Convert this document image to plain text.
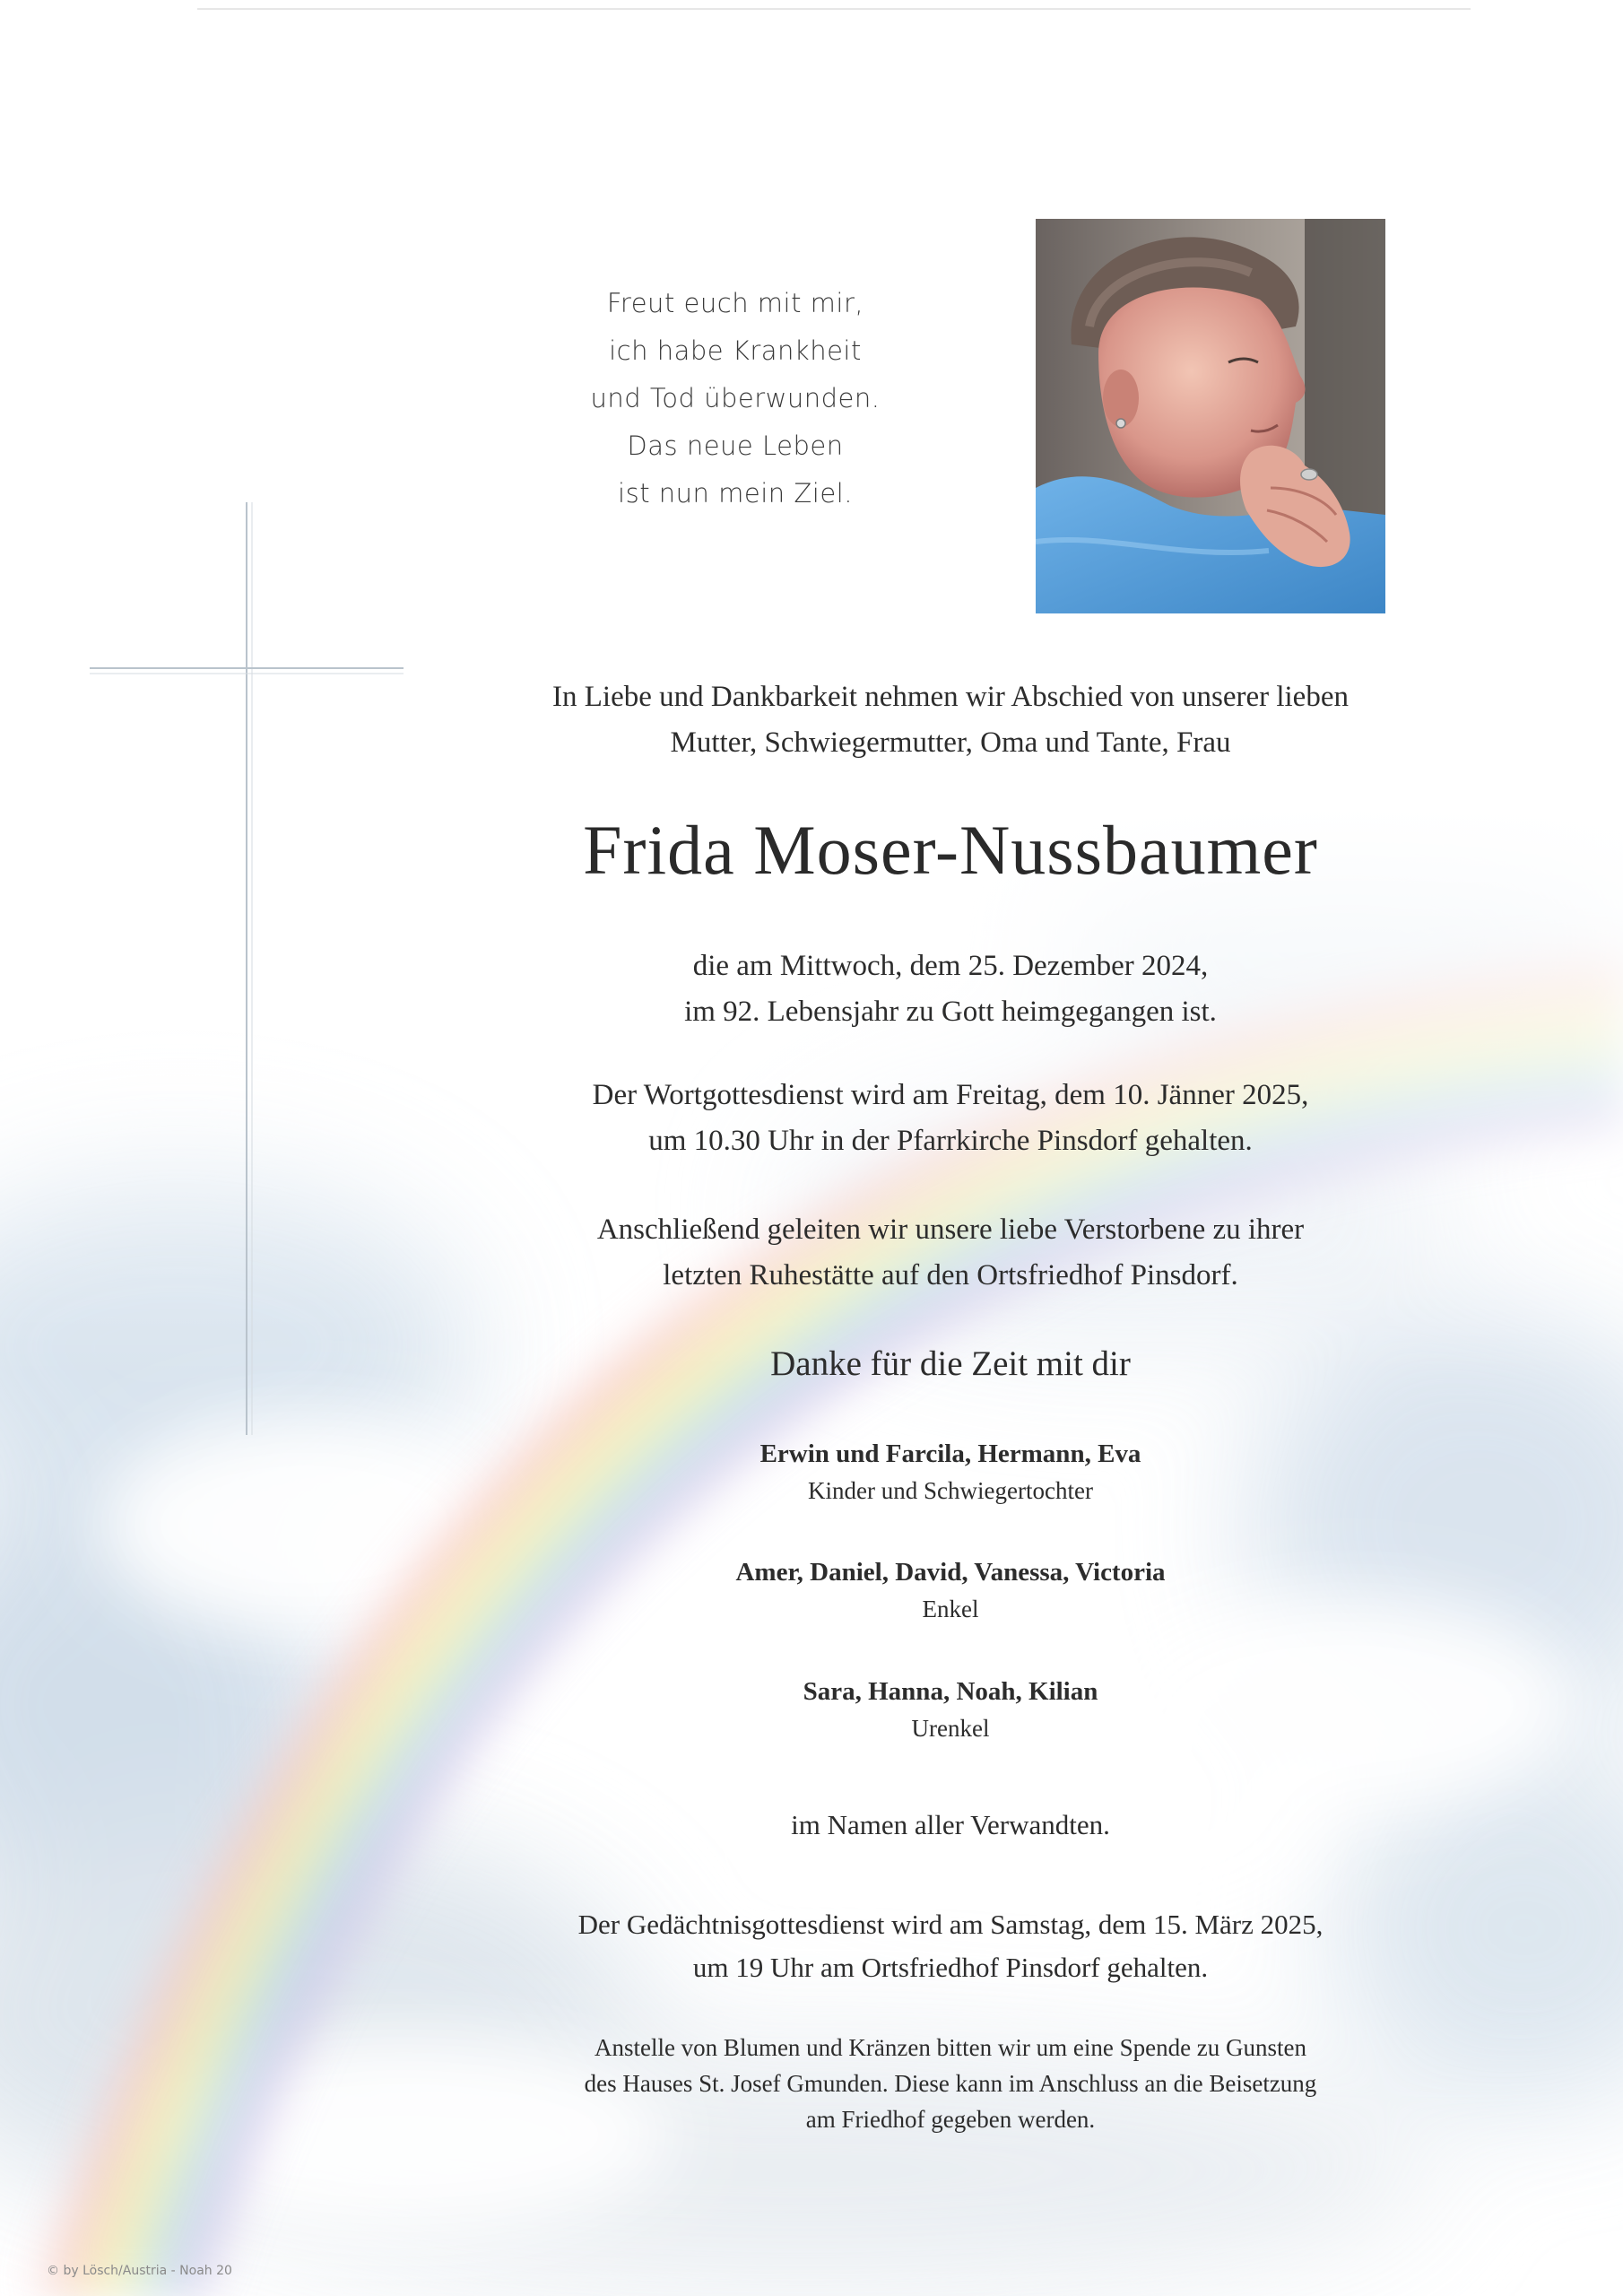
Freut euch mit mir,
ich habe Krankheit
und Tod überwunden.
Das neue Leben
ist nun mein Ziel.
In Liebe und Dankbarkeit nehmen wir Abschied von unserer lieben
Mutter, Schwiegermutter, Oma und Tante, Frau
Frida Moser-Nussbaumer
die am Mittwoch, dem 25. Dezember 2024,
im 92. Lebensjahr zu Gott heimgegangen ist.
Der Wortgottesdienst wird am Freitag, dem 10. Jänner 2025,
um 10.30 Uhr in der Pfarrkirche Pinsdorf gehalten.
Anschließend geleiten wir unsere liebe Verstorbene zu ihrer
letzten Ruhestätte auf den Ortsfriedhof Pinsdorf.
Danke für die Zeit mit dir
Erwin und Farcila, Hermann, Eva
Kinder und Schwiegertochter
Amer, Daniel, David, Vanessa, Victoria
Enkel
Sara, Hanna, Noah, Kilian
Urenkel
im Namen aller Verwandten.
Der Gedächtnisgottesdienst wird am Samstag, dem 15. März 2025,
um 19 Uhr am Ortsfriedhof Pinsdorf gehalten.
Anstelle von Blumen und Kränzen bitten wir um eine Spende zu Gunsten
des Hauses St. Josef Gmunden. Diese kann im Anschluss an die Beisetzung
am Friedhof gegeben werden.
© by Lösch/Austria - Noah 20
